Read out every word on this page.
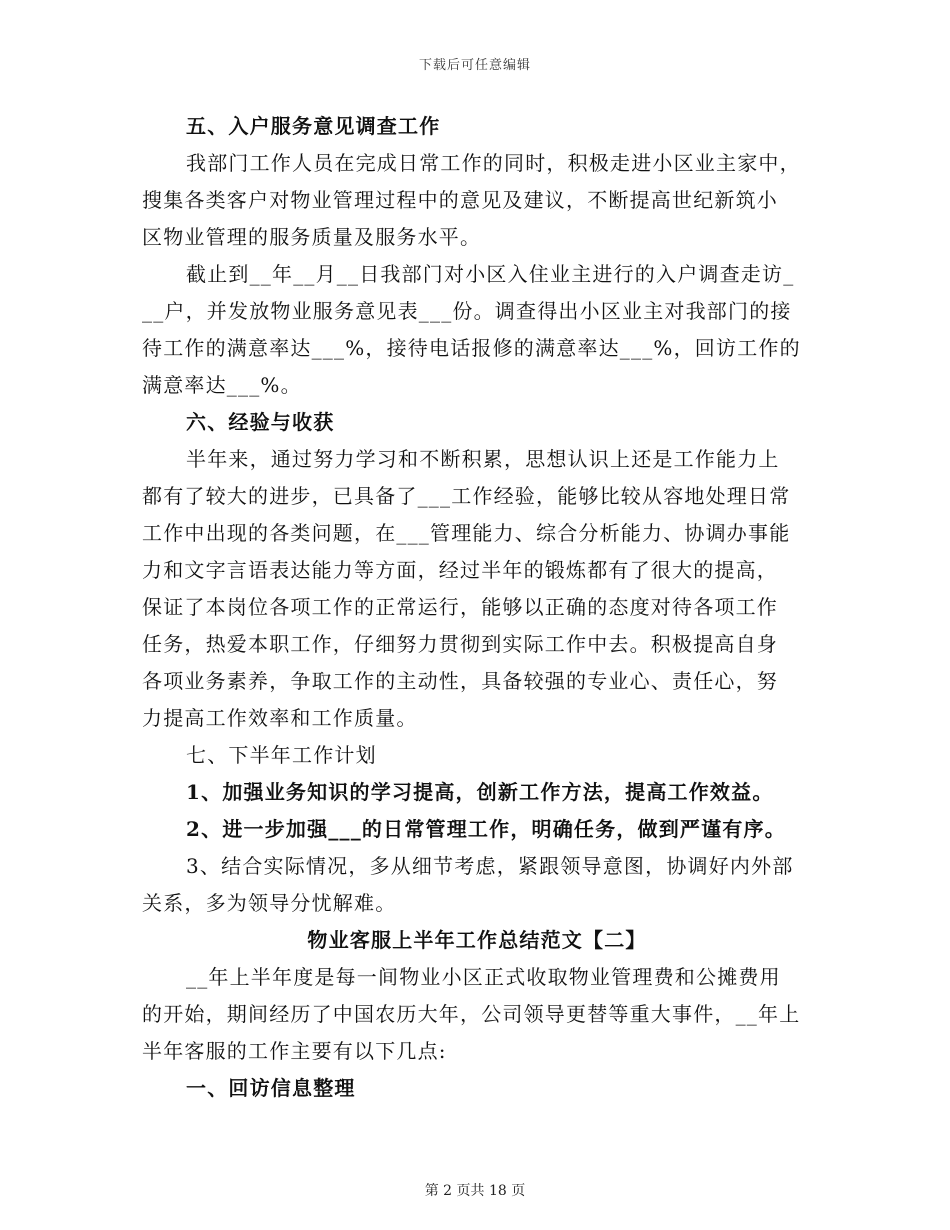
下载后可任意编辑
五、入户服务意见调查工作
我部门工作人员在完成日常工作的同时，积极走进小区业主家中，
搜集各类客户对物业管理过程中的意见及建议，不断提高世纪新筑小
区物业管理的服务质量及服务水平。
截止到__年__月__日我部门对小区入住业主进行的入户调查走访_
__户，并发放物业服务意见表___份。调查得出小区业主对我部门的接
待工作的满意率达___%，接待电话报修的满意率达___%，回访工作的
满意率达___%。
六、经验与收获
半年来，通过努力学习和不断积累，思想认识上还是工作能力上
都有了较大的进步，已具备了___工作经验，能够比较从容地处理日常
工作中出现的各类问题，在___管理能力、综合分析能力、协调办事能
力和文字言语表达能力等方面，经过半年的锻炼都有了很大的提高，
保证了本岗位各项工作的正常运行，能够以正确的态度对待各项工作
任务，热爱本职工作，仔细努力贯彻到实际工作中去。积极提高自身
各项业务素养，争取工作的主动性，具备较强的专业心、责任心，努
力提高工作效率和工作质量。
七、下半年工作计划
1、加强业务知识的学习提高，创新工作方法，提高工作效益。
2、进一步加强___的日常管理工作，明确任务，做到严谨有序。
3、结合实际情况，多从细节考虑，紧跟领导意图，协调好内外部
关系，多为领导分忧解难。
物业客服上半年工作总结范文【二】
__年上半年度是每一间物业小区正式收取物业管理费和公摊费用
的开始，期间经历了中国农历大年，公司领导更替等重大事件，__年上
半年客服的工作主要有以下几点:
一、回访信息整理
第 2 页共 18 页
